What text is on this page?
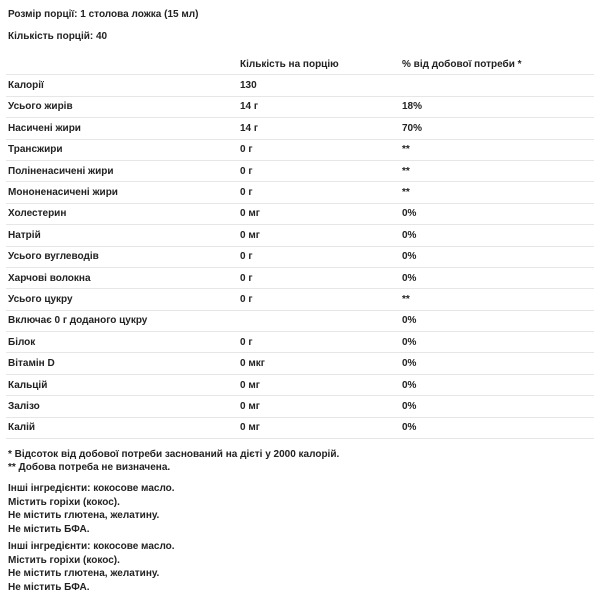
Розмір порції: 1 столова ложка (15 мл)
Кількість порцій: 40
	Кількість на порцію	% від добової потреби *
Калорії	130	
Усього жирів	14 г	18%
Насичені жири	14 г	70%
Трансжири	0 г	**
Поліненасичені жири	0 г	**
Мононенасичені жири	0 г	**
Холестерин	0 мг	0%
Натрій	0 мг	0%
Усього вуглеводів	0 г	0%
Харчові волокна	0 г	0%
Усього цукру	0 г	**
Включає 0 г доданого цукру		0%
Білок	0 г	0%
Вітамін D	0 мкг	0%
Кальцій	0 мг	0%
Залізо	0 мг	0%
Калій	0 мг	0%
* Відсоток від добової потреби заснований на дієті у 2000 калорій.
** Добова потреба не визначена.
Інші інгредієнти: кокосове масло.
Містить горіхи (кокос).
Не містить глютена, желатину.
Не містить БФА.
Інші інгредієнти: кокосове масло.
Містить горіхи (кокос).
Не містить глютена, желатину.
Не містить БФА.
